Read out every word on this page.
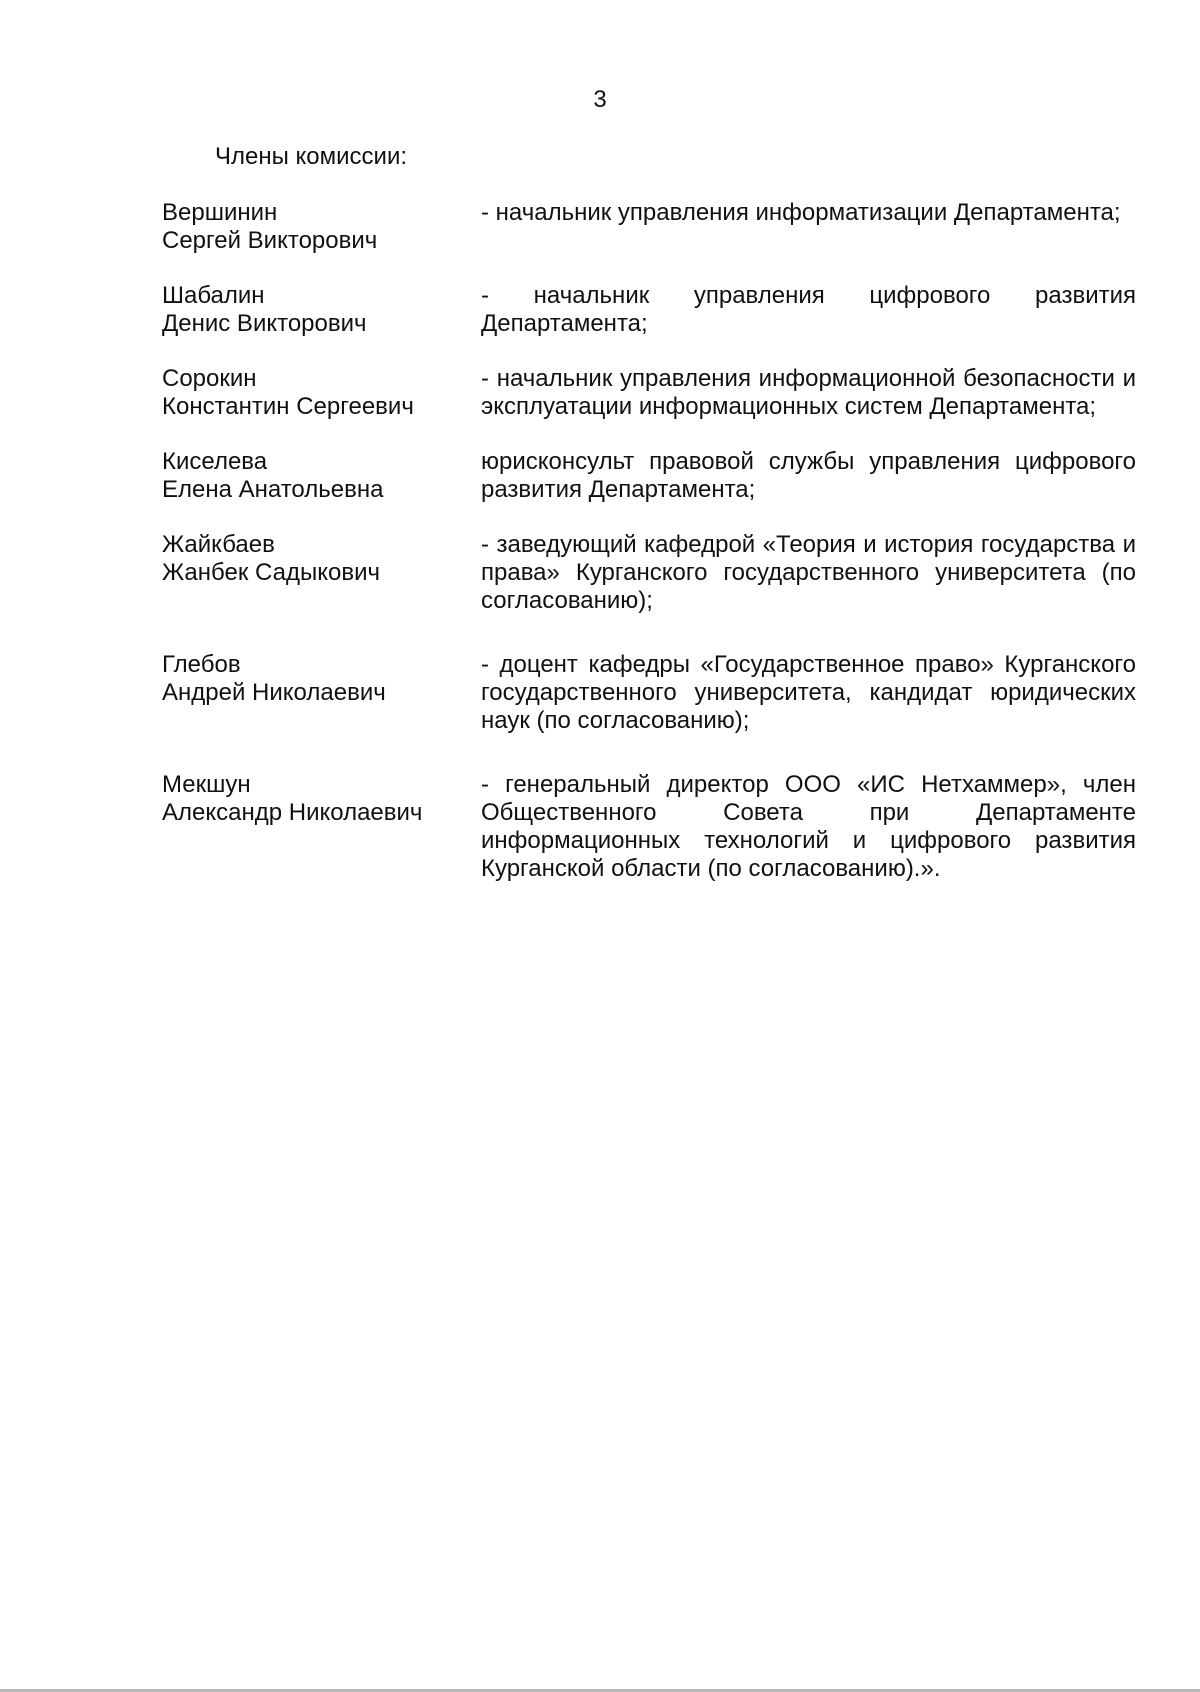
3
Члены комиссии:
Вершинин
Сергей Викторович
- начальник управления информатизации Департамента;
Шабалин
Денис Викторович
- начальник управления цифрового развития Департамента;
Сорокин
Константин Сергеевич
- начальник управления информационной безопасности и эксплуатации информационных систем Департамента;
Киселева
Елена Анатольевна
юрисконсульт правовой службы управления цифрового развития Департамента;
Жайкбаев
Жанбек Садыкович
- заведующий кафедрой «Теория и история государства и права» Курганского государственного университета (по согласованию);
Глебов
Андрей Николаевич
- доцент кафедры «Государственное право» Курганского государственного университета, кандидат юридических наук (по согласованию);
Мекшун
Александр Николаевич
- генеральный директор ООО «ИС Нетхаммер», член Общественного Совета при Департаменте информационных технологий и цифрового развития Курганской области (по согласованию).».
